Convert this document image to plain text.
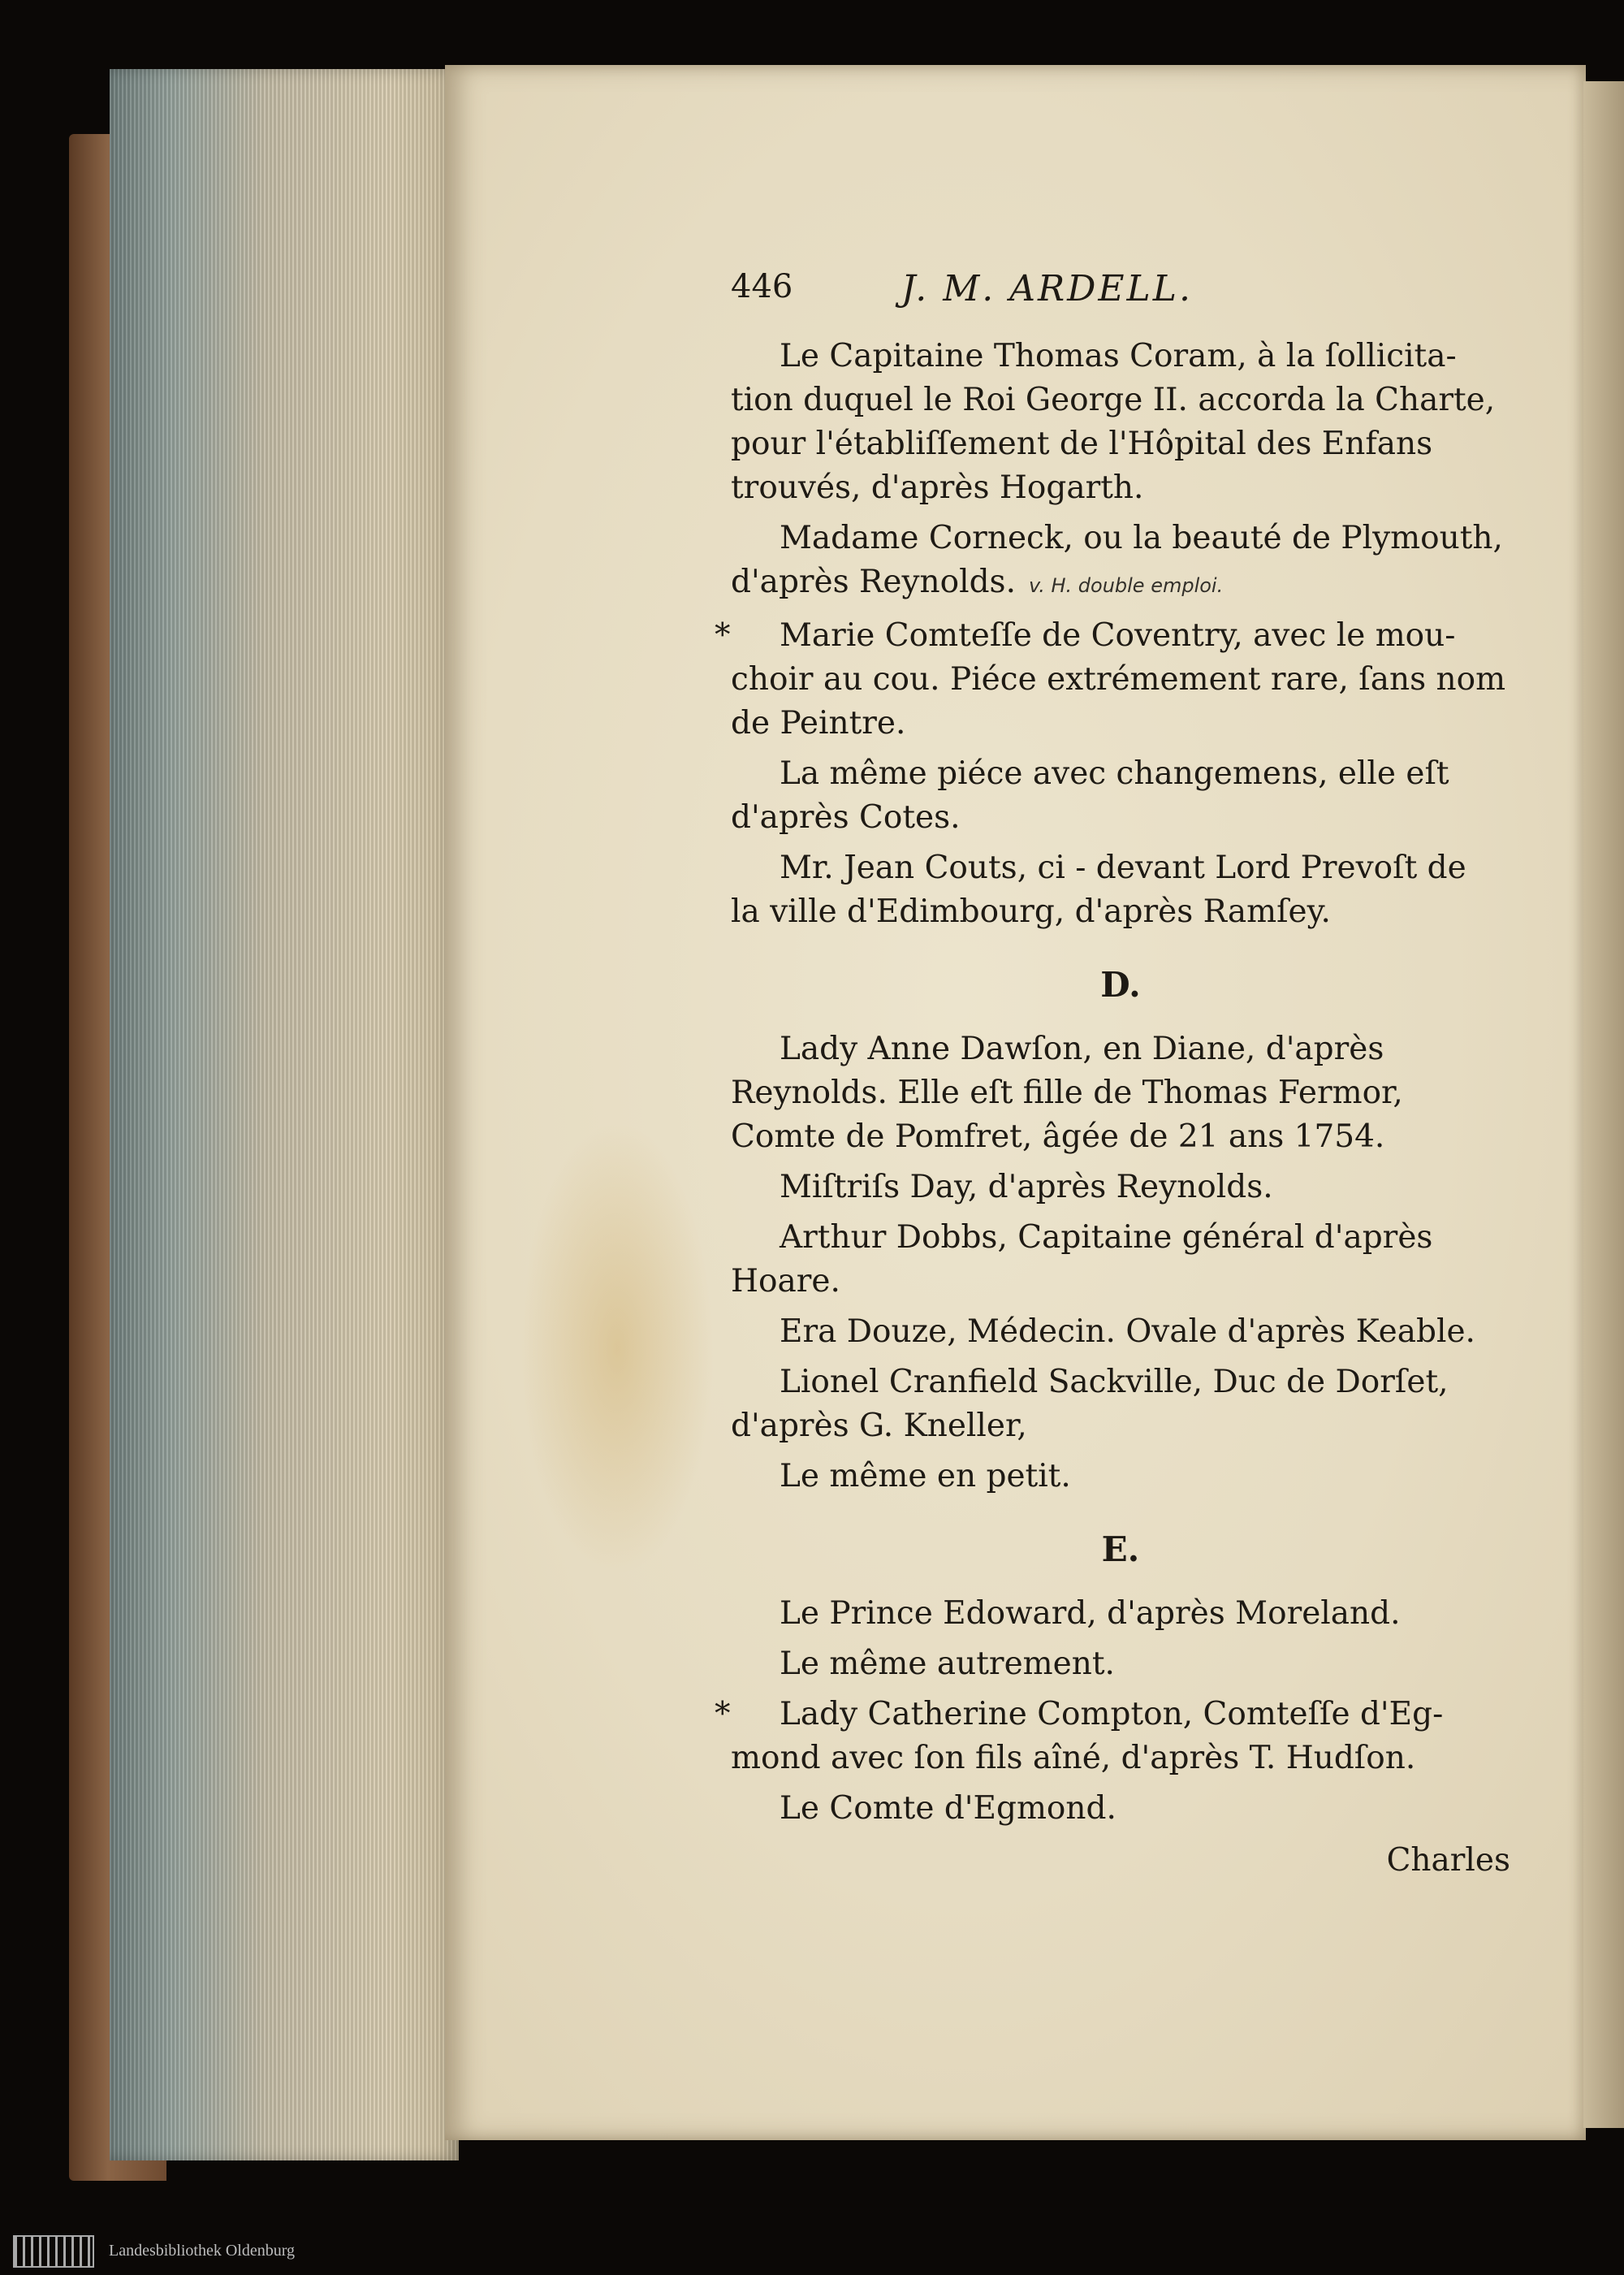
446	J. M. ARDELL.
Le Capitaine Thomas Coram, à la ſollicita-
tion duquel le Roi George II. accorda la Charte,
pour l'établiſſement de l'Hôpital des Enfans
trouvés, d'après Hogarth.
Madame Corneck, ou la beauté de Plymouth,
d'après Reynolds. v. H. double emploi.
*	Marie Comteſſe de Coventry, avec le mou-
choir au cou. Piéce extrémement rare, ſans nom
de Peintre.
La même piéce avec changemens, elle eſt
d'après Cotes.
Mr. Jean Couts, ci - devant Lord Prevoſt de
la ville d'Edimbourg, d'après Ramſey.
D.
Lady Anne Dawſon, en Diane, d'après
Reynolds. Elle eſt fille de Thomas Fermor,
Comte de Pomfret, âgée de 21 ans 1754.
Miſtriſs Day, d'après Reynolds.
Arthur Dobbs, Capitaine général d'après
Hoare.
Era Douze, Médecin. Ovale d'après Keable.
Lionel Cranfield Sackville, Duc de Dorſet,
d'après G. Kneller,
Le même en petit.
E.
Le Prince Edoward, d'après Moreland.
Le même autrement.
*	Lady Catherine Compton, Comteſſe d'Eg-
mond avec ſon fils aîné, d'après T. Hudſon.
Le Comte d'Egmond.
Charles
Landesbibliothek Oldenburg
